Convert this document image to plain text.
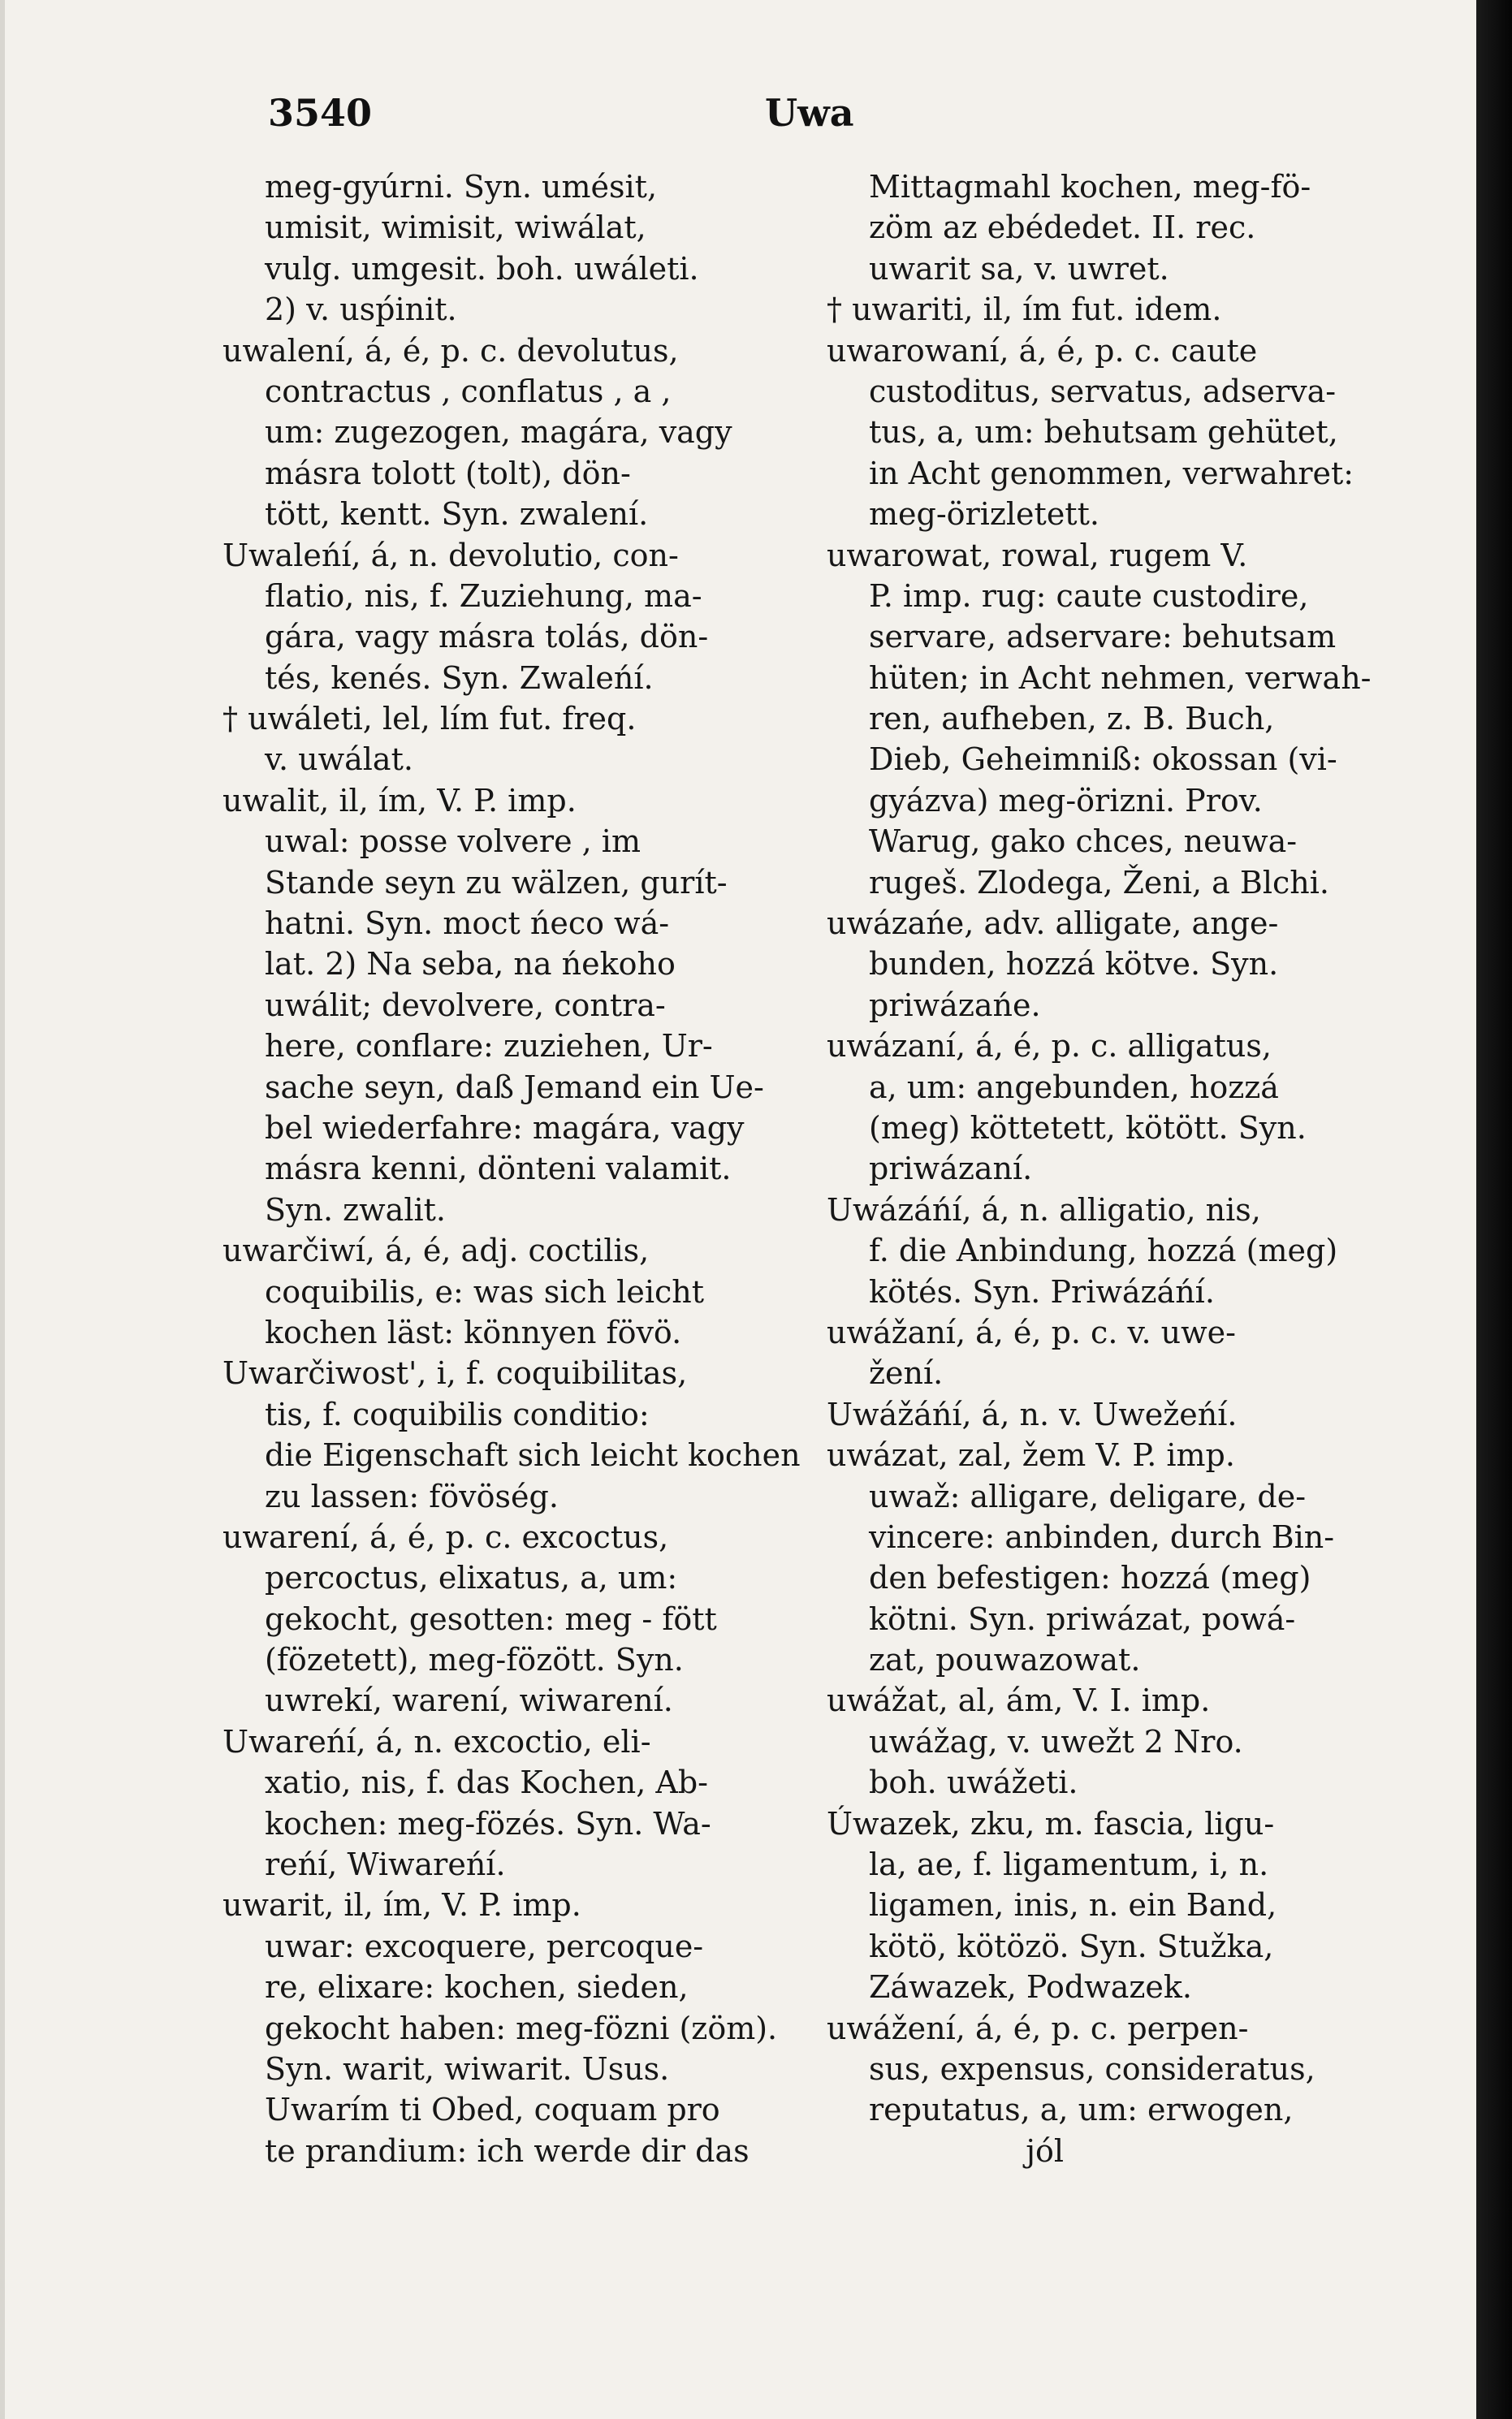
3540	Uwa
meg-gyúrni. Syn. umésit,
umisit, wimisit, wiwálat,
vulg. umgesit. boh. uwáleti.
2) v. usṕinit.
uwalení, á, é, p. c. devolutus,
contractus , conflatus , a ,
um: zugezogen, magára, vagy
másra tolott (tolt), dön-
tött, kentt. Syn. zwalení.
Uwaleńí, á, n. devolutio, con-
flatio, nis, f. Zuziehung, ma-
gára, vagy másra tolás, dön-
tés, kenés. Syn. Zwaleńí.
† uwáleti, lel, lím fut. freq.
v. uwálat.
uwalit, il, ím, V. P. imp.
uwal: posse volvere , im
Stande seyn zu wälzen, gurít-
hatni. Syn. moct ńeco wá-
lat. 2) Na seba, na ńekoho
uwálit; devolvere, contra-
here, conflare: zuziehen, Ur-
sache seyn, daß Jemand ein Ue-
bel wiederfahre: magára, vagy
másra kenni, dönteni valamit.
Syn. zwalit.
uwarčiwí, á, é, adj. coctilis,
coquibilis, e: was sich leicht
kochen läst: könnyen fövö.
Uwarčiwost', i, f. coquibilitas,
tis, f. coquibilis conditio:
die Eigenschaft sich leicht kochen
zu lassen: fövöség.
uwarení, á, é, p. c. excoctus,
percoctus, elixatus, a, um:
gekocht, gesotten: meg - fött
(fözetett), meg-fözött. Syn.
uwrekí, warení, wiwarení.
Uwareńí, á, n. excoctio, eli-
xatio, nis, f. das Kochen, Ab-
kochen: meg-fözés. Syn. Wa-
reńí, Wiwareńí.
uwarit, il, ím, V. P. imp.
uwar: excoquere, percoque-
re, elixare: kochen, sieden,
gekocht haben: meg-fözni (zöm).
Syn. warit, wiwarit. Usus.
Uwarím ti Obed, coquam pro
te prandium: ich werde dir das
Mittagmahl kochen, meg-fö-
zöm az ebédedet. II. rec.
uwarit sa, v. uwret.
† uwariti, il, ím fut. idem.
uwarowaní, á, é, p. c. caute
custoditus, servatus, adserva-
tus, a, um: behutsam gehütet,
in Acht genommen, verwahret:
meg-örizletett.
uwarowat, rowal, rugem V.
P. imp. rug: caute custodire,
servare, adservare: behutsam
hüten; in Acht nehmen, verwah-
ren, aufheben, z. B. Buch,
Dieb, Geheimniß: okossan (vi-
gyázva) meg-örizni. Prov.
Warug, gako chces, neuwa-
rugeš. Zlodega, Ženi, a Blchi.
uwázańe, adv. alligate, ange-
bunden, hozzá kötve. Syn.
priwázańe.
uwázaní, á, é, p. c. alligatus,
a, um: angebunden, hozzá
(meg) köttetett, kötött. Syn.
priwázaní.
Uwázáńí, á, n. alligatio, nis,
f. die Anbindung, hozzá (meg)
kötés. Syn. Priwázáńí.
uwážaní, á, é, p. c. v. uwe-
žení.
Uwážáńí, á, n. v. Uwežeńí.
uwázat, zal, žem V. P. imp.
uwaž: alligare, deligare, de-
vincere: anbinden, durch Bin-
den befestigen: hozzá (meg)
kötni. Syn. priwázat, powá-
zat, pouwazowat.
uwážat, al, ám, V. I. imp.
uwážag, v. uwežt 2 Nro.
boh. uwážeti.
Úwazek, zku, m. fascia, ligu-
la, ae, f. ligamentum, i, n.
ligamen, inis, n. ein Band,
kötö, kötözö. Syn. Stužka,
Záwazek, Podwazek.
uwážení, á, é, p. c. perpen-
sus, expensus, consideratus,
reputatus, a, um: erwogen,
jól
